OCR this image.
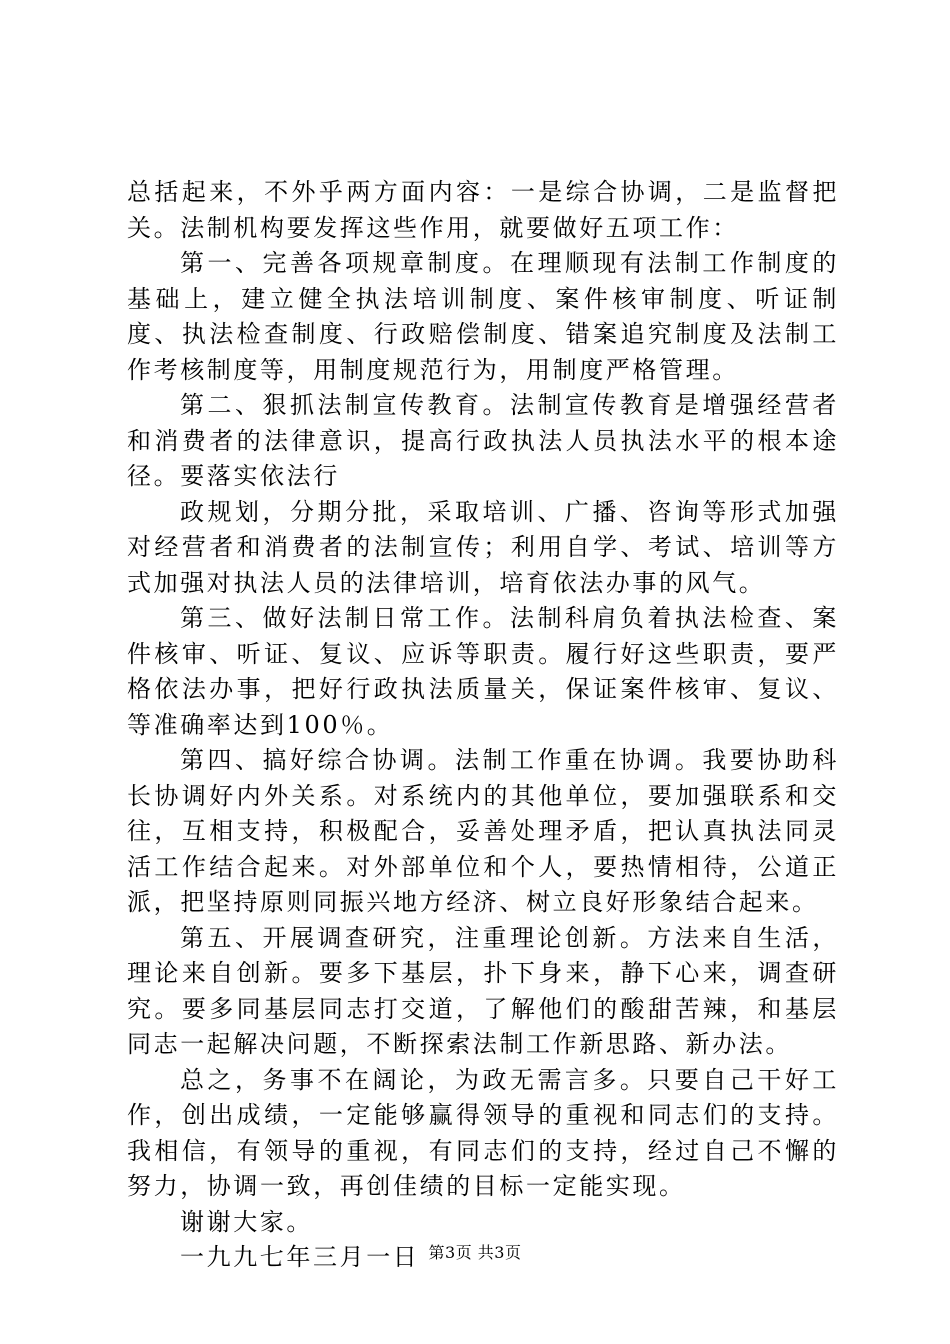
总括起来，不外乎两方面内容：一是综合协调，二是监督把关。法制机构要发挥这些作用，就要做好五项工作：

第一、完善各项规章制度。在理顺现有法制工作制度的基础上，建立健全执法培训制度、案件核审制度、听证制度、执法检查制度、行政赔偿制度、错案追究制度及法制工作考核制度等，用制度规范行为，用制度严格管理。

第二、狠抓法制宣传教育。法制宣传教育是增强经营者和消费者的法律意识，提高行政执法人员执法水平的根本途径。要落实依法行

政规划，分期分批，采取培训、广播、咨询等形式加强对经营者和消费者的法制宣传；利用自学、考试、培训等方式加强对执法人员的法律培训，培育依法办事的风气。

第三、做好法制日常工作。法制科肩负着执法检查、案件核审、听证、复议、应诉等职责。履行好这些职责，要严格依法办事，把好行政执法质量关，保证案件核审、复议、等准确率达到100％。

第四、搞好综合协调。法制工作重在协调。我要协助科长协调好内外关系。对系统内的其他单位，要加强联系和交往，互相支持，积极配合，妥善处理矛盾，把认真执法同灵活工作结合起来。对外部单位和个人，要热情相待，公道正派，把坚持原则同振兴地方经济、树立良好形象结合起来。

第五、开展调查研究，注重理论创新。方法来自生活，理论来自创新。要多下基层，扑下身来，静下心来，调查研究。要多同基层同志打交道，了解他们的酸甜苦辣，和基层同志一起解决问题，不断探索法制工作新思路、新办法。

总之，务事不在阔论，为政无需言多。只要自己干好工作，创出成绩，一定能够赢得领导的重视和同志们的支持。我相信，有领导的重视，有同志们的支持，经过自己不懈的努力，协调一致，再创佳绩的目标一定能实现。

谢谢大家。

一九九七年三月一日 第3页 共3页
